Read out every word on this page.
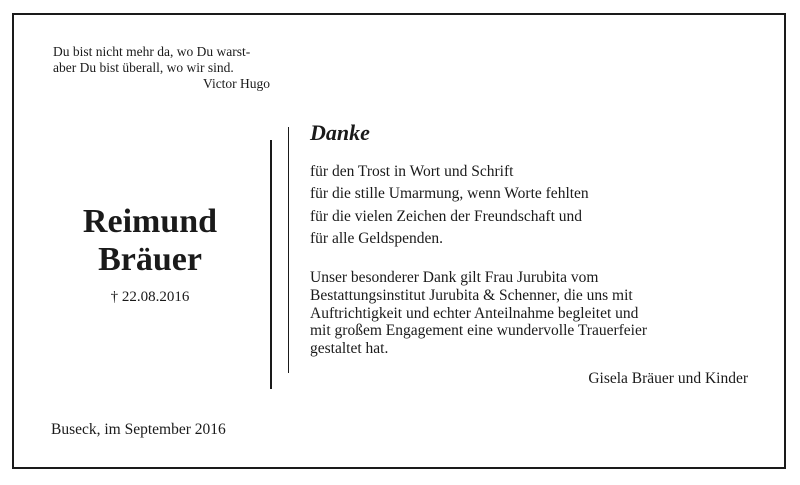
Du bist nicht mehr da, wo Du warst-
aber Du bist überall, wo wir sind.
Victor Hugo
Reimund
Bräuer
† 22.08.2016
Danke
für den Trost in Wort und Schrift
für die stille Umarmung, wenn Worte fehlten
für die vielen Zeichen der Freundschaft und
für alle Geldspenden.
Unser besonderer Dank gilt Frau Jurubita vom
Bestattungsinstitut Jurubita & Schenner, die uns mit
Auftrichtigkeit und echter Anteilnahme begleitet und
mit großem Engagement eine wundervolle Trauerfeier
gestaltet hat.
Gisela Bräuer und Kinder
Buseck, im September 2016
